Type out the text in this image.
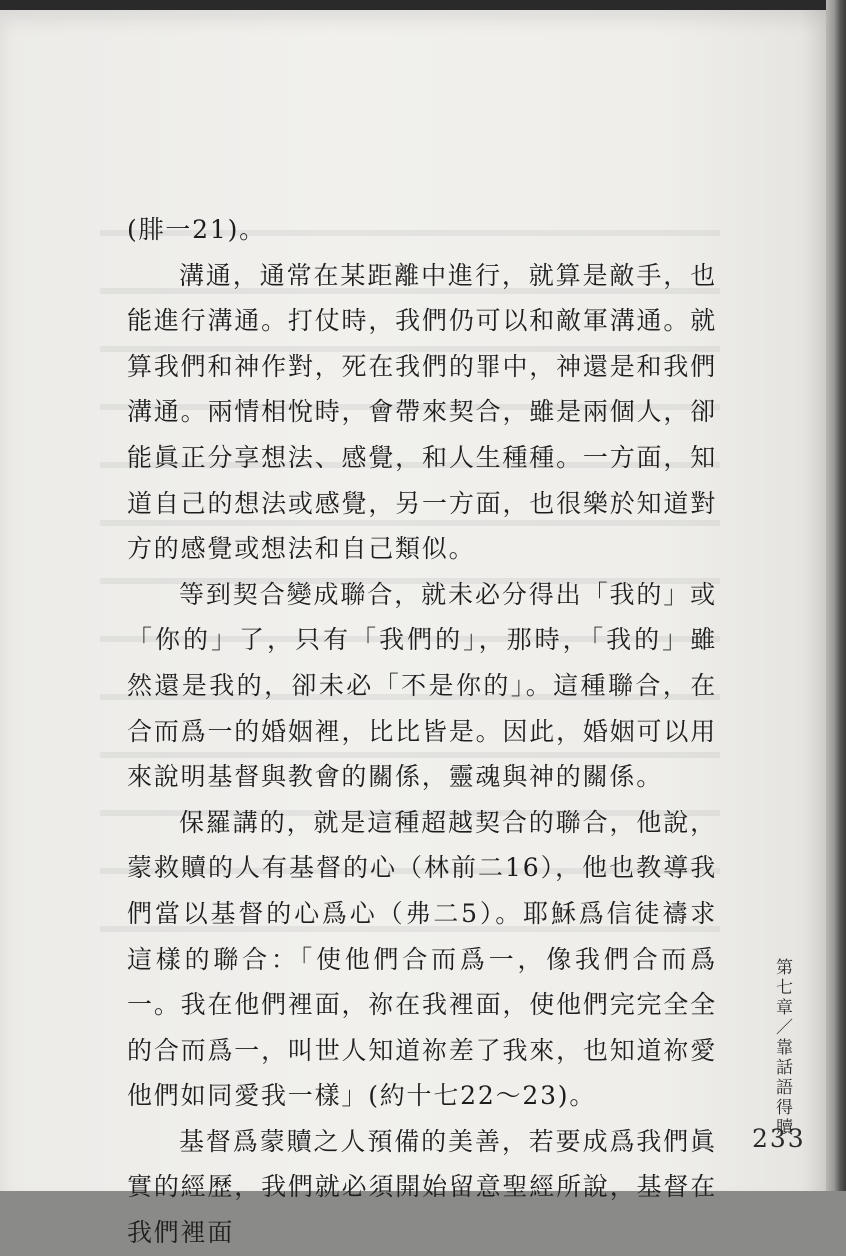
(腓一21)。

溝通，通常在某距離中進行，就算是敵手，也能進行溝通。打仗時，我們仍可以和敵軍溝通。就算我們和神作對，死在我們的罪中，神還是和我們溝通。兩情相悅時，會帶來契合，雖是兩個人，卻能眞正分享想法、感覺，和人生種種。一方面，知道自己的想法或感覺，另一方面，也很樂於知道對方的感覺或想法和自己類似。

等到契合變成聯合，就未必分得出「我的」或「你的」了，只有「我們的」，那時，「我的」雖然還是我的，卻未必「不是你的」。這種聯合，在合而爲一的婚姻裡，比比皆是。因此，婚姻可以用來說明基督與教會的關係，靈魂與神的關係。

保羅講的，就是這種超越契合的聯合，他說，蒙救贖的人有基督的心（林前二16），他也教導我們當以基督的心爲心（弗二5）。耶穌爲信徒禱求這樣的聯合：「使他們合而爲一，像我們合而爲一。我在他們裡面，祢在我裡面，使他們完完全全的合而爲一，叫世人知道祢差了我來，也知道祢愛他們如同愛我一樣」(約十七22～23)。

基督爲蒙贖之人預備的美善，若要成爲我們眞實的經歷，我們就必須開始留意聖經所說，基督在我們裡面

第七章／靠話語得贖
233
